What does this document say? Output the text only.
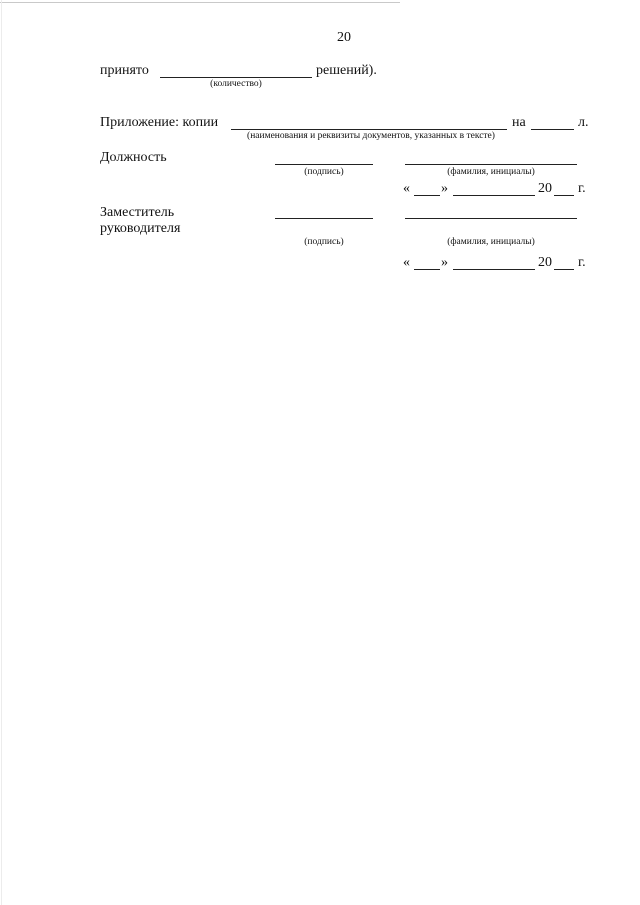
20
принято	решений).
(количество)
Приложение: копии	на	л.
(наименования и реквизиты документов, указанных в тексте)
Должность
(подпись)	(фамилия, инициалы)
« »	20 г.
Заместитель
руководителя
(подпись)	(фамилия, инициалы)
« »	20 г.
